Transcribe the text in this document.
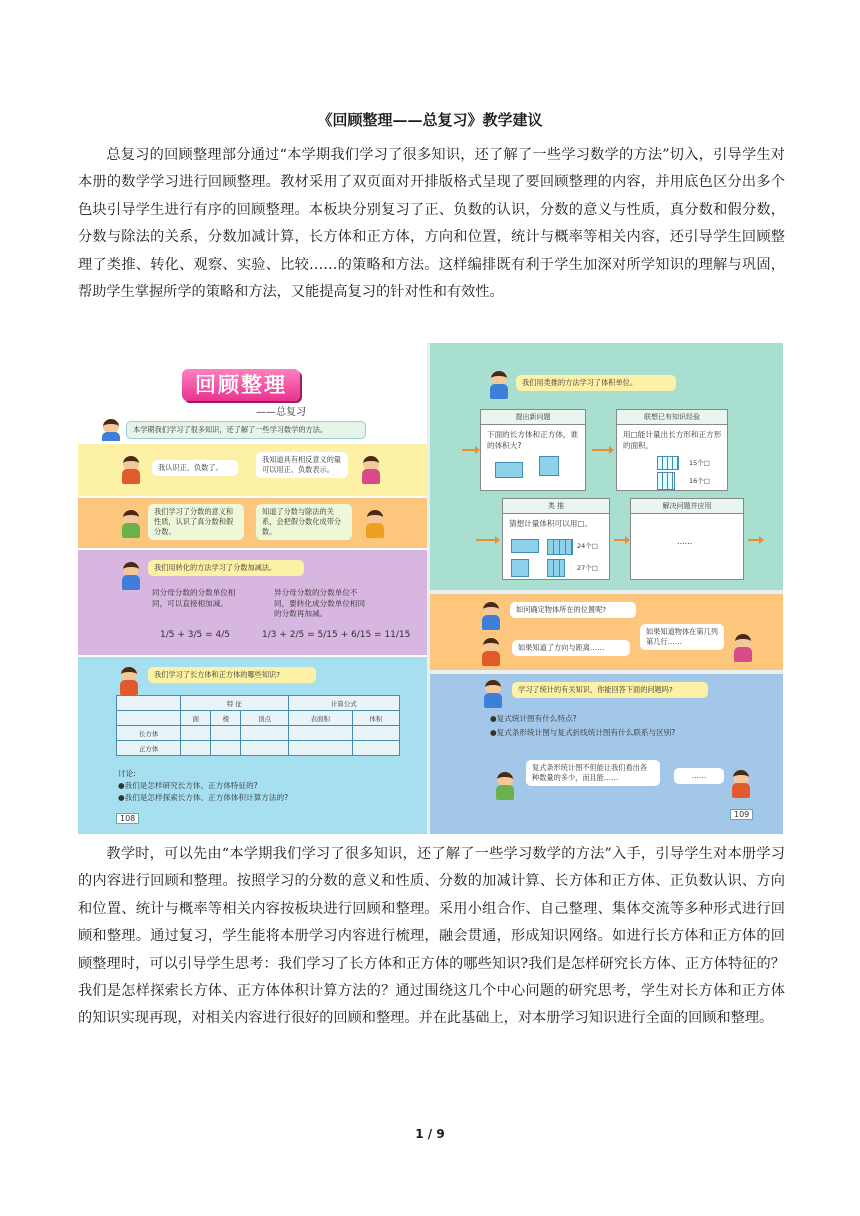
《回顾整理——总复习》教学建议

总复习的回顾整理部分通过“本学期我们学习了很多知识，还了解了一些学习数学的方法”切入，引导学生对本册的数学学习进行回顾整理。教材采用了双页面对开排版格式呈现了要回顾整理的内容，并用底色区分出多个色块引导学生进行有序的回顾整理。本板块分别复习了正、负数的认识，分数的意义与性质，真分数和假分数，分数与除法的关系，分数加减计算，长方体和正方体，方向和位置，统计与概率等相关内容，还引导学生回顾整理了类推、转化、观察、实验、比较……的策略和方法。这样编排既有利于学生加深对所学知识的理解与巩固，帮助学生掌握所学的策略和方法，又能提高复习的针对性和有效性。

回顾整理
——总复习
本学期我们学习了很多知识，还了解了一些学习数学的方法。
我认识正、负数了。
我知道具有相反意义的量可以用正、负数表示。
我们学习了分数的意义和性质，认识了真分数和假分数。
知道了分数与除法的关系，会把假分数化成带分数。
我们用转化的方法学习了分数加减法。
同分母分数的分数单位相同，可以直接相加减。
异分母分数的分数单位不同，要转化成分数单位相同的分数再加减。
1/5 + 3/5 = 4/5	1/3 + 2/5 = 5/15 + 6/15 = 11/15
我们学习了长方体和正方体的哪些知识?
	特 征			计算公式	
	面	棱	顶点	表面积	体积
长方体					
正方体					
讨论:
●我们是怎样研究长方体、正方体特征的?
●我们是怎样探索长方体、正方体体积计算方法的?
108
我们用类推的方法学习了体积单位。
提出新问题
下面的长方体和正方体，谁的体积大?
联想已有知识经验
用□能计量出长方形和正方形的面积。
15个□
16个□
类 推
猜想计量体积可以用□。
24个□
27个□
解决问题并应用
……
如何确定物体所在的位置呢?
如果知道了方向与距离……
如果知道物体在第几列第几行……
学习了统计的有关知识，你能回答下面的问题吗?
●复式统计图有什么特点?
●复式条形统计图与复式折线统计图有什么联系与区别?
复式条形统计图不但能让我们看出各种数量的多少，而且能……	……
109

教学时，可以先由“本学期我们学习了很多知识，还了解了一些学习数学的方法”入手，引导学生对本册学习的内容进行回顾和整理。按照学习的分数的意义和性质、分数的加减计算、长方体和正方体、正负数认识、方向和位置、统计与概率等相关内容按板块进行回顾和整理。采用小组合作、自己整理、集体交流等多种形式进行回顾和整理。通过复习，学生能将本册学习内容进行梳理，融会贯通，形成知识网络。如进行长方体和正方体的回顾整理时，可以引导学生思考：我们学习了长方体和正方体的哪些知识?我们是怎样研究长方体、正方体特征的？我们是怎样探索长方体、正方体体积计算方法的？通过围绕这几个中心问题的研究思考，学生对长方体和正方体的知识实现再现，对相关内容进行很好的回顾和整理。并在此基础上，对本册学习知识进行全面的回顾和整理。

1 / 9
